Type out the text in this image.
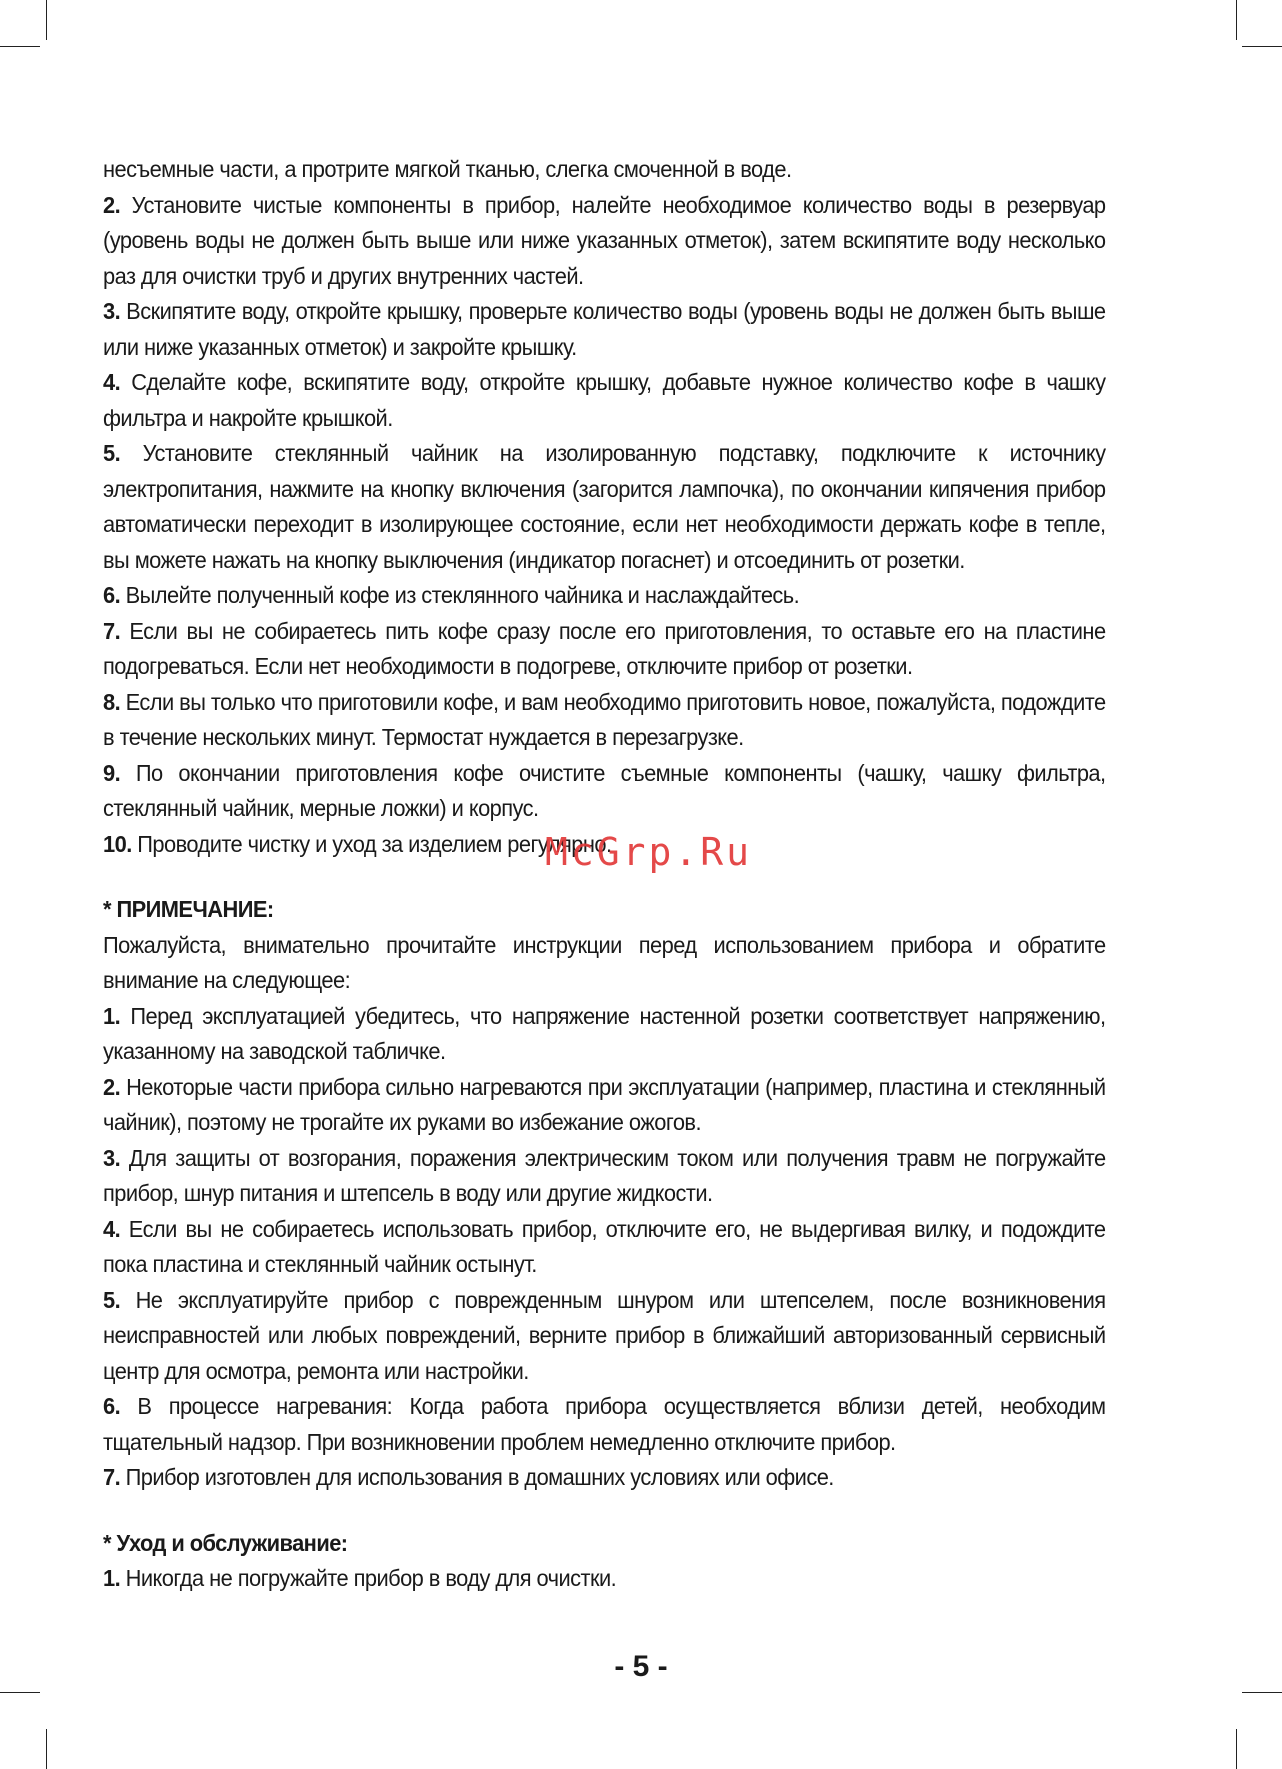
несъемные части, а протрите мягкой тканью, слегка смоченной в воде.

2. Установите чистые компоненты в прибор, налейте необходимое количество воды в резервуар (уровень воды не должен быть выше или ниже указанных отметок), затем вскипятите воду несколько раз для очистки труб и других внутренних частей.

3. Вскипятите воду, откройте крышку, проверьте количество воды (уровень воды не должен быть выше или ниже указанных отметок) и закройте крышку.

4. Сделайте кофе, вскипятите воду, откройте крышку, добавьте нужное количество кофе в чашку фильтра и накройте крышкой.

5. Установите стеклянный чайник на изолированную подставку, подключите к источнику электропитания, нажмите на кнопку включения (загорится лампочка), по окончании кипячения прибор автоматически переходит в изолирующее состояние, если нет необходимости держать кофе в тепле, вы можете нажать на кнопку выключения (индикатор погаснет) и отсоединить от розетки.

6. Вылейте полученный кофе из стеклянного чайника и наслаждайтесь.

7. Если вы не собираетесь пить кофе сразу после его приготовления, то оставьте его на пластине подогреваться. Если нет необходимости в подогреве, отключите прибор от розетки.

8. Если вы только что приготовили кофе, и вам необходимо приготовить новое, пожалуйста, подождите в течение нескольких минут. Термостат нуждается в перезагрузке.

9. По окончании приготовления кофе очистите съемные компоненты (чашку, чашку фильтра, стеклянный чайник, мерные ложки) и корпус.

10. Проводите чистку и уход за изделием регулярно.

* ПРИМЕЧАНИЕ:

Пожалуйста, внимательно прочитайте инструкции перед использованием прибора и обратите внимание на следующее:

1. Перед эксплуатацией убедитесь, что напряжение настенной розетки соответствует напряжению, указанному на заводской табличке.

2. Некоторые части прибора сильно нагреваются при эксплуатации (например, пластина и стеклянный чайник), поэтому не трогайте их руками во избежание ожогов.

3. Для защиты от возгорания, поражения электрическим током или получения травм не погружайте прибор, шнур питания и штепсель в воду или другие жидкости.

4. Если вы не собираетесь использовать прибор, отключите его, не выдергивая вилку, и подождите пока пластина и стеклянный чайник остынут.

5. Не эксплуатируйте прибор с поврежденным шнуром или штепселем, после возникновения неисправностей или любых повреждений, верните прибор в ближайший авторизованный сервисный центр для осмотра, ремонта или настройки.

6. В процессе нагревания: Когда работа прибора осуществляется вблизи детей, необходим тщательный надзор. При возникновении проблем немедленно отключите прибор.

7. Прибор изготовлен для использования в домашних условиях или офисе.

* Уход и обслуживание:

1. Никогда не погружайте прибор в воду для очистки.

McGrp.Ru
- 5 -
